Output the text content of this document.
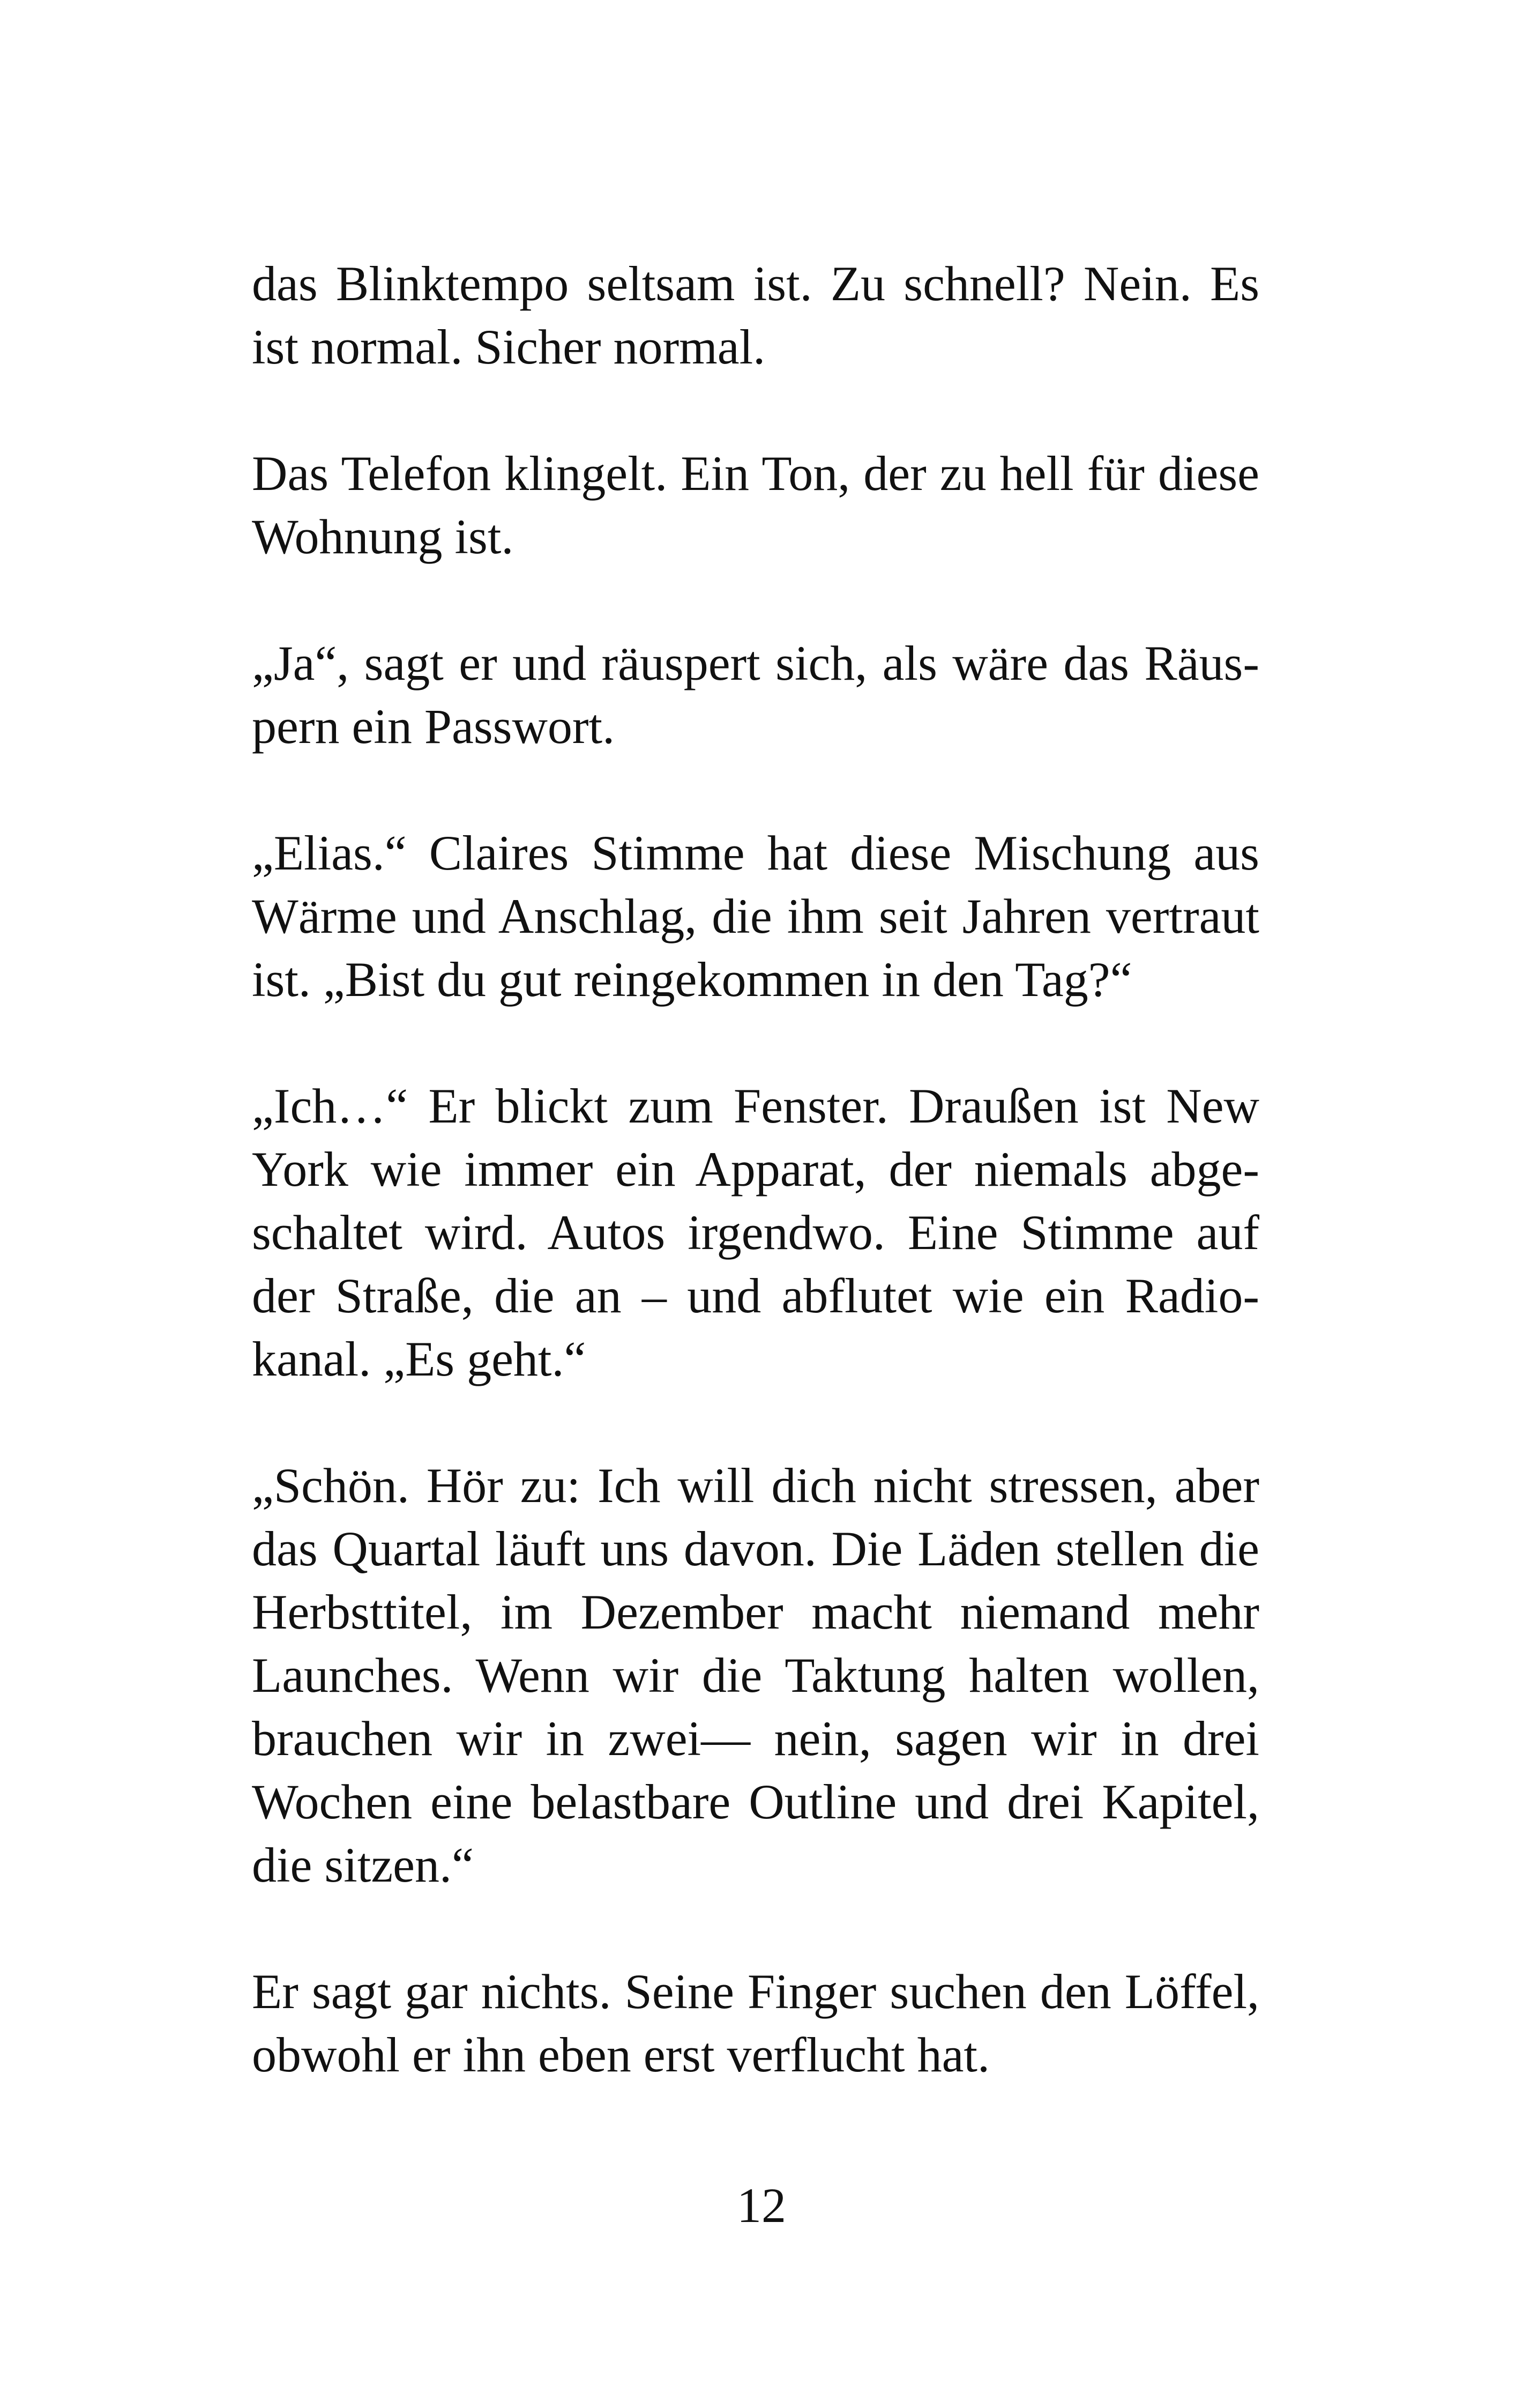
das Blinktempo seltsam ist. Zu schnell? Nein. Es ist normal. Sicher normal.

Das Telefon klingelt. Ein Ton, der zu hell für diese Wohnung ist.

„Ja“, sagt er und räuspert sich, als wäre das Räuspern ein Passwort.

„Elias.“ Claires Stimme hat diese Mischung aus Wärme und Anschlag, die ihm seit Jahren vertraut ist. „Bist du gut reingekommen in den Tag?“

„Ich…“ Er blickt zum Fenster. Draußen ist New York wie immer ein Apparat, der niemals abgeschaltet wird. Autos irgendwo. Eine Stimme auf der Straße, die an – und abflutet wie ein Radiokanal. „Es geht.“

„Schön. Hör zu: Ich will dich nicht stressen, aber das Quartal läuft uns davon. Die Läden stellen die Herbsttitel, im Dezember macht niemand mehr Launches. Wenn wir die Taktung halten wollen, brauchen wir in zwei— nein, sagen wir in drei Wochen eine belastbare Outline und drei Kapitel, die sitzen.“

Er sagt gar nichts. Seine Finger suchen den Löffel, obwohl er ihn eben erst verflucht hat.

12
